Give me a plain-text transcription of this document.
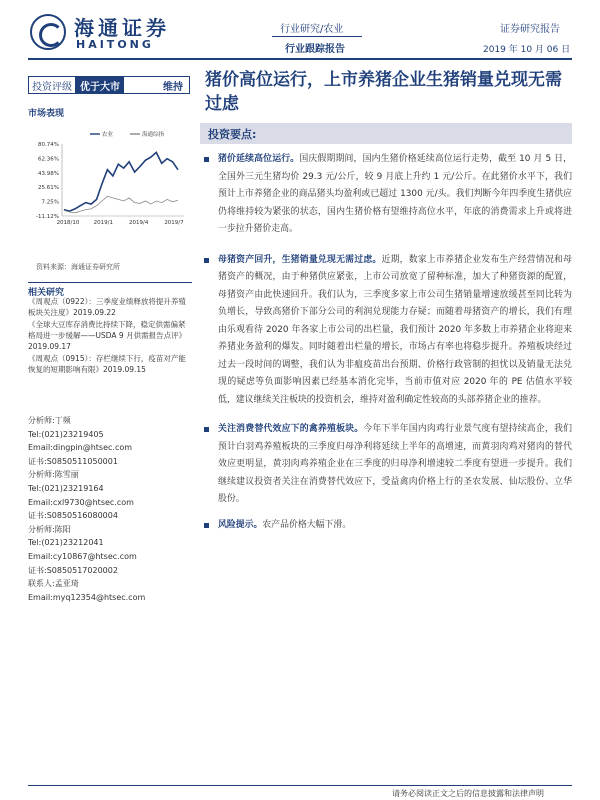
海通证券
HAITONG
行业研究/农业
行业跟踪报告
证券研究报告
2019 年 10 月 06 日
投资评级 优于大市	维持
市场表现
80.74%
62.36%
43.98%
25.61%
7.25%
-11.12%
2018/10	2019/1	2019/4	2019/7
农业	海通综指
资料来源：海通证券研究所
相关研究
《周观点（0922）：三季度业绩释放将提升养殖板块关注度》2019.09.22
《全球大豆库存消费比持续下降，稳定供需偏紧格局进一步缓解——USDA 9 月供需报告点评》2019.09.17
《周观点（0915）：存栏继续下行，疫苗对产能恢复的短期影响有限》2019.09.15
分析师:丁频
Tel:(021)23219405
Email:dingpin@htsec.com
证书:S0850511050001
分析师:陈雪丽
Tel:(021)23219164
Email:cxl9730@htsec.com
证书:S0850516080004
分析师:陈阳
Tel:(021)23212041
Email:cy10867@htsec.com
证书:S0850517020002
联系人:孟亚琦
Email:myq12354@htsec.com
猪价高位运行，上市养猪企业生猪销量兑现无需过虑
投资要点:
猪价延续高位运行。国庆假期期间，国内生猪价格延续高位运行走势，截至 10 月 5 日，全国外三元生猪均价 29.3 元/公斤，较 9 月底上升约 1 元/公斤。在此猪价水平下，我们预计上市养猪企业的商品猪头均盈利或已超过 1300 元/头。我们判断今年四季度生猪供应仍将维持较为紧张的状态，国内生猪价格有望维持高位水平，年底的消费需求上升或将进一步拉升猪价走高。
母猪资产回升，生猪销量兑现无需过虑。近期，数家上市养猪企业发布生产经营情况和母猪资产的概况，由于种猪供应紧张，上市公司放宽了留种标准，加大了种猪资源的配置，母猪资产由此快速回升。我们认为，三季度多家上市公司生猪销量增速放缓甚至同比转为负增长，导致高猪价下部分公司的利润兑现能力存疑；而随着母猪资产的增长，我们有理由乐观看待 2020 年各家上市公司的出栏量，我们预计 2020 年多数上市养猪企业将迎来养猪业务盈利的爆发。同时随着出栏量的增长，市场占有率也将稳步提升。养殖板块经过过去一段时间的调整，我们认为非瘟疫苗出台预期、价格行政管制的担忧以及销量无法兑现的疑虑等负面影响因素已经基本消化完毕，当前市值对应 2020 年的 PE 估值水平较低，建议继续关注板块的投资机会，维持对盈利确定性较高的头部养猪企业的推荐。
关注消费替代效应下的禽养殖板块。今年下半年国内肉鸡行业景气度有望持续高企，我们预计白羽鸡养殖板块的三季度归母净利将延续上半年的高增速，而黄羽肉鸡对猪肉的替代效应更明显，黄羽肉鸡养殖企业在三季度的归母净利增速较二季度有望进一步提升。我们继续建议投资者关注在消费替代效应下，受益禽肉价格上行的圣农发展、仙坛股份、立华股份。
风险提示。农产品价格大幅下滑。
请务必阅读正文之后的信息披露和法律声明
